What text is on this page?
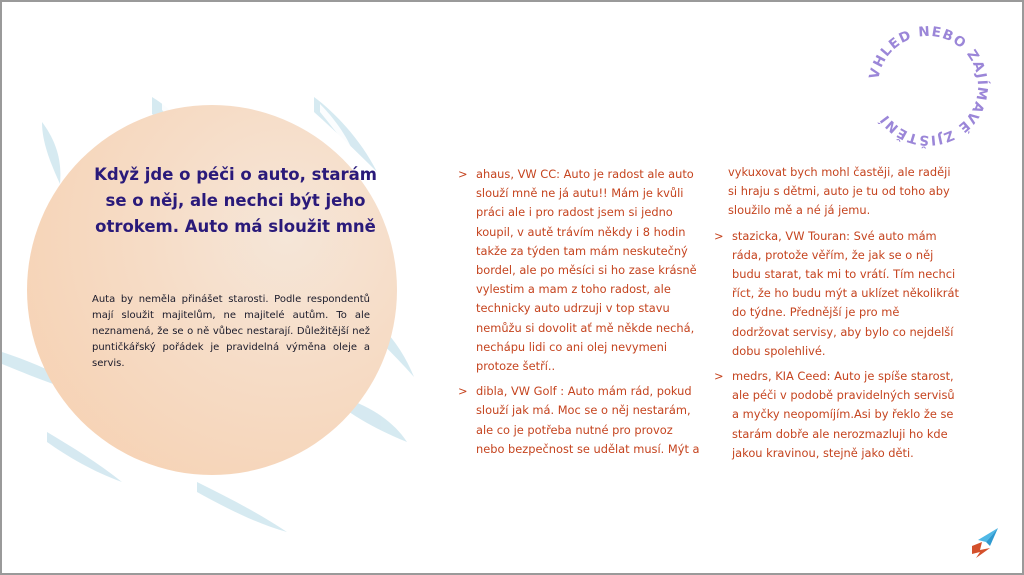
Když jde o péči o auto, starám se o něj, ale nechci být jeho otrokem. Auto má sloužit mně

Auta by neměla přinášet starosti. Podle respondentů mají sloužit majitelům, ne majitelé autům. To ale neznamená, že se o ně vůbec nestarají. Důležitější než puntičkářský pořádek je pravidelná výměna oleje a servis.

> ahaus, VW CC: Auto je radost ale auto slouží mně ne já autu!! Mám je kvůli práci ale i pro radost jsem si jedno koupil, v autě trávím někdy i 8 hodin takže za týden tam mám neskutečný bordel, ale po měsíci si ho zase krásně vylestim a mam z toho radost, ale technicky auto udrzuji v top stavu nemůžu si dovolit ať mě někde nechá, nechápu lidi co ani olej nevymeni protoze šetří..
> dibla, VW Golf : Auto mám rád, pokud slouží jak má. Moc se o něj nestarám, ale co je potřeba nutné pro provoz nebo bezpečnost se udělat musí. Mýt a
vykuxovat bych mohl častěji, ale raději si hraju s dětmi, auto je tu od toho aby sloužilo mě a né já jemu.
> stazicka, VW Touran: Své auto mám ráda, protože věřím, že jak se o něj budu starat, tak mi to vrátí. Tím nechci říct, že ho budu mýt a uklízet několikrát do týdne. Přednější je pro mě dodržovat servisy, aby bylo co nejdelší dobu spolehlivé.
> medrs, KIA Ceed: Auto je spíše starost, ale péči v podobě pravidelných servisů a myčky neopomíjím.Asi by řeklo že se starám dobře ale nerozmazluji ho kde jakou kravinou, stejně jako děti.
VHLED NEBO ZAJÍMAVÉ ZJIŠTĚNÍ
